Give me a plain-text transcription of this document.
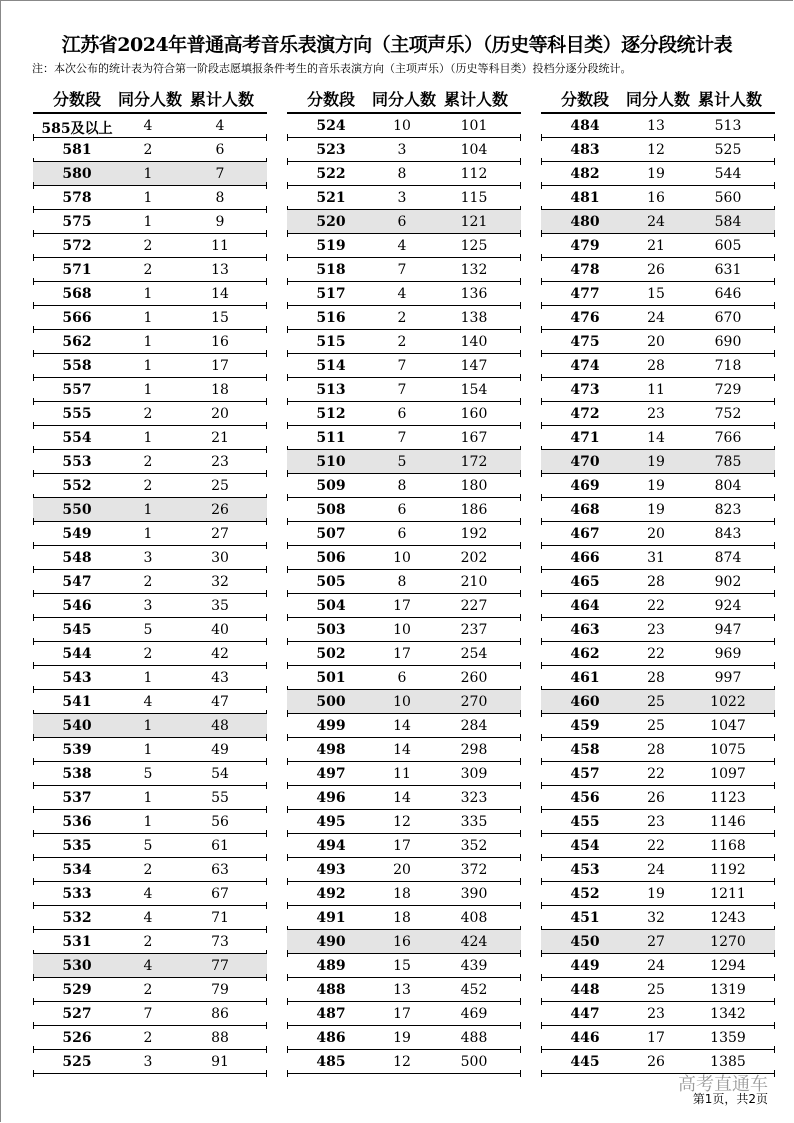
江苏省2024年普通高考音乐表演方向（主项声乐）（历史等科目类）逐分段统计表
注：本次公布的统计表为符合第一阶段志愿填报条件考生的音乐表演方向（主项声乐）（历史等科目类）投档分逐分段统计。
分数段 同分人数 累计人数
585及以上 4	4
581	2	6
580	1	7
578	1	8
575	1	9
572	2	11
571	2	13
568	1	14
566	1	15
562	1	16
558	1	17
557	1	18
555	2	20
554	1	21
553	2	23
552	2	25
550	1	26
549	1	27
548	3	30
547	2	32
546	3	35
545	5	40
544	2	42
543	1	43
541	4	47
540	1	48
539	1	49
538	5	54
537	1	55
536	1	56
535	5	61
534	2	63
533	4	67
532	4	71
531	2	73
530	4	77
529	2	79
527	7	86
526	2	88
525	3	91
分数段 同分人数 累计人数
524	10	101
523	3	104
522	8	112
521	3	115
520	6	121
519	4	125
518	7	132
517	4	136
516	2	138
515	2	140
514	7	147
513	7	154
512	6	160
511	7	167
510	5	172
509	8	180
508	6	186
507	6	192
506	10	202
505	8	210
504	17	227
503	10	237
502	17	254
501	6	260
500	10	270
499	14	284
498	14	298
497	11	309
496	14	323
495	12	335
494	17	352
493	20	372
492	18	390
491	18	408
490	16	424
489	15	439
488	13	452
487	17	469
486	19	488
485	12	500
分数段 同分人数 累计人数
484	13	513
483	12	525
482	19	544
481	16	560
480	24	584
479	21	605
478	26	631
477	15	646
476	24	670
475	20	690
474	28	718
473	11	729
472	23	752
471	14	766
470	19	785
469	19	804
468	19	823
467	20	843
466	31	874
465	28	902
464	22	924
463	23	947
462	22	969
461	28	997
460	25	1022
459	25	1047
458	28	1075
457	22	1097
456	26	1123
455	23	1146
454	22	1168
453	24	1192
452	19	1211
451	32	1243
450	27	1270
449	24	1294
448	25	1319
447	23	1342
446	17	1359
445	26	1385
高考直通车
第1页，共2页
